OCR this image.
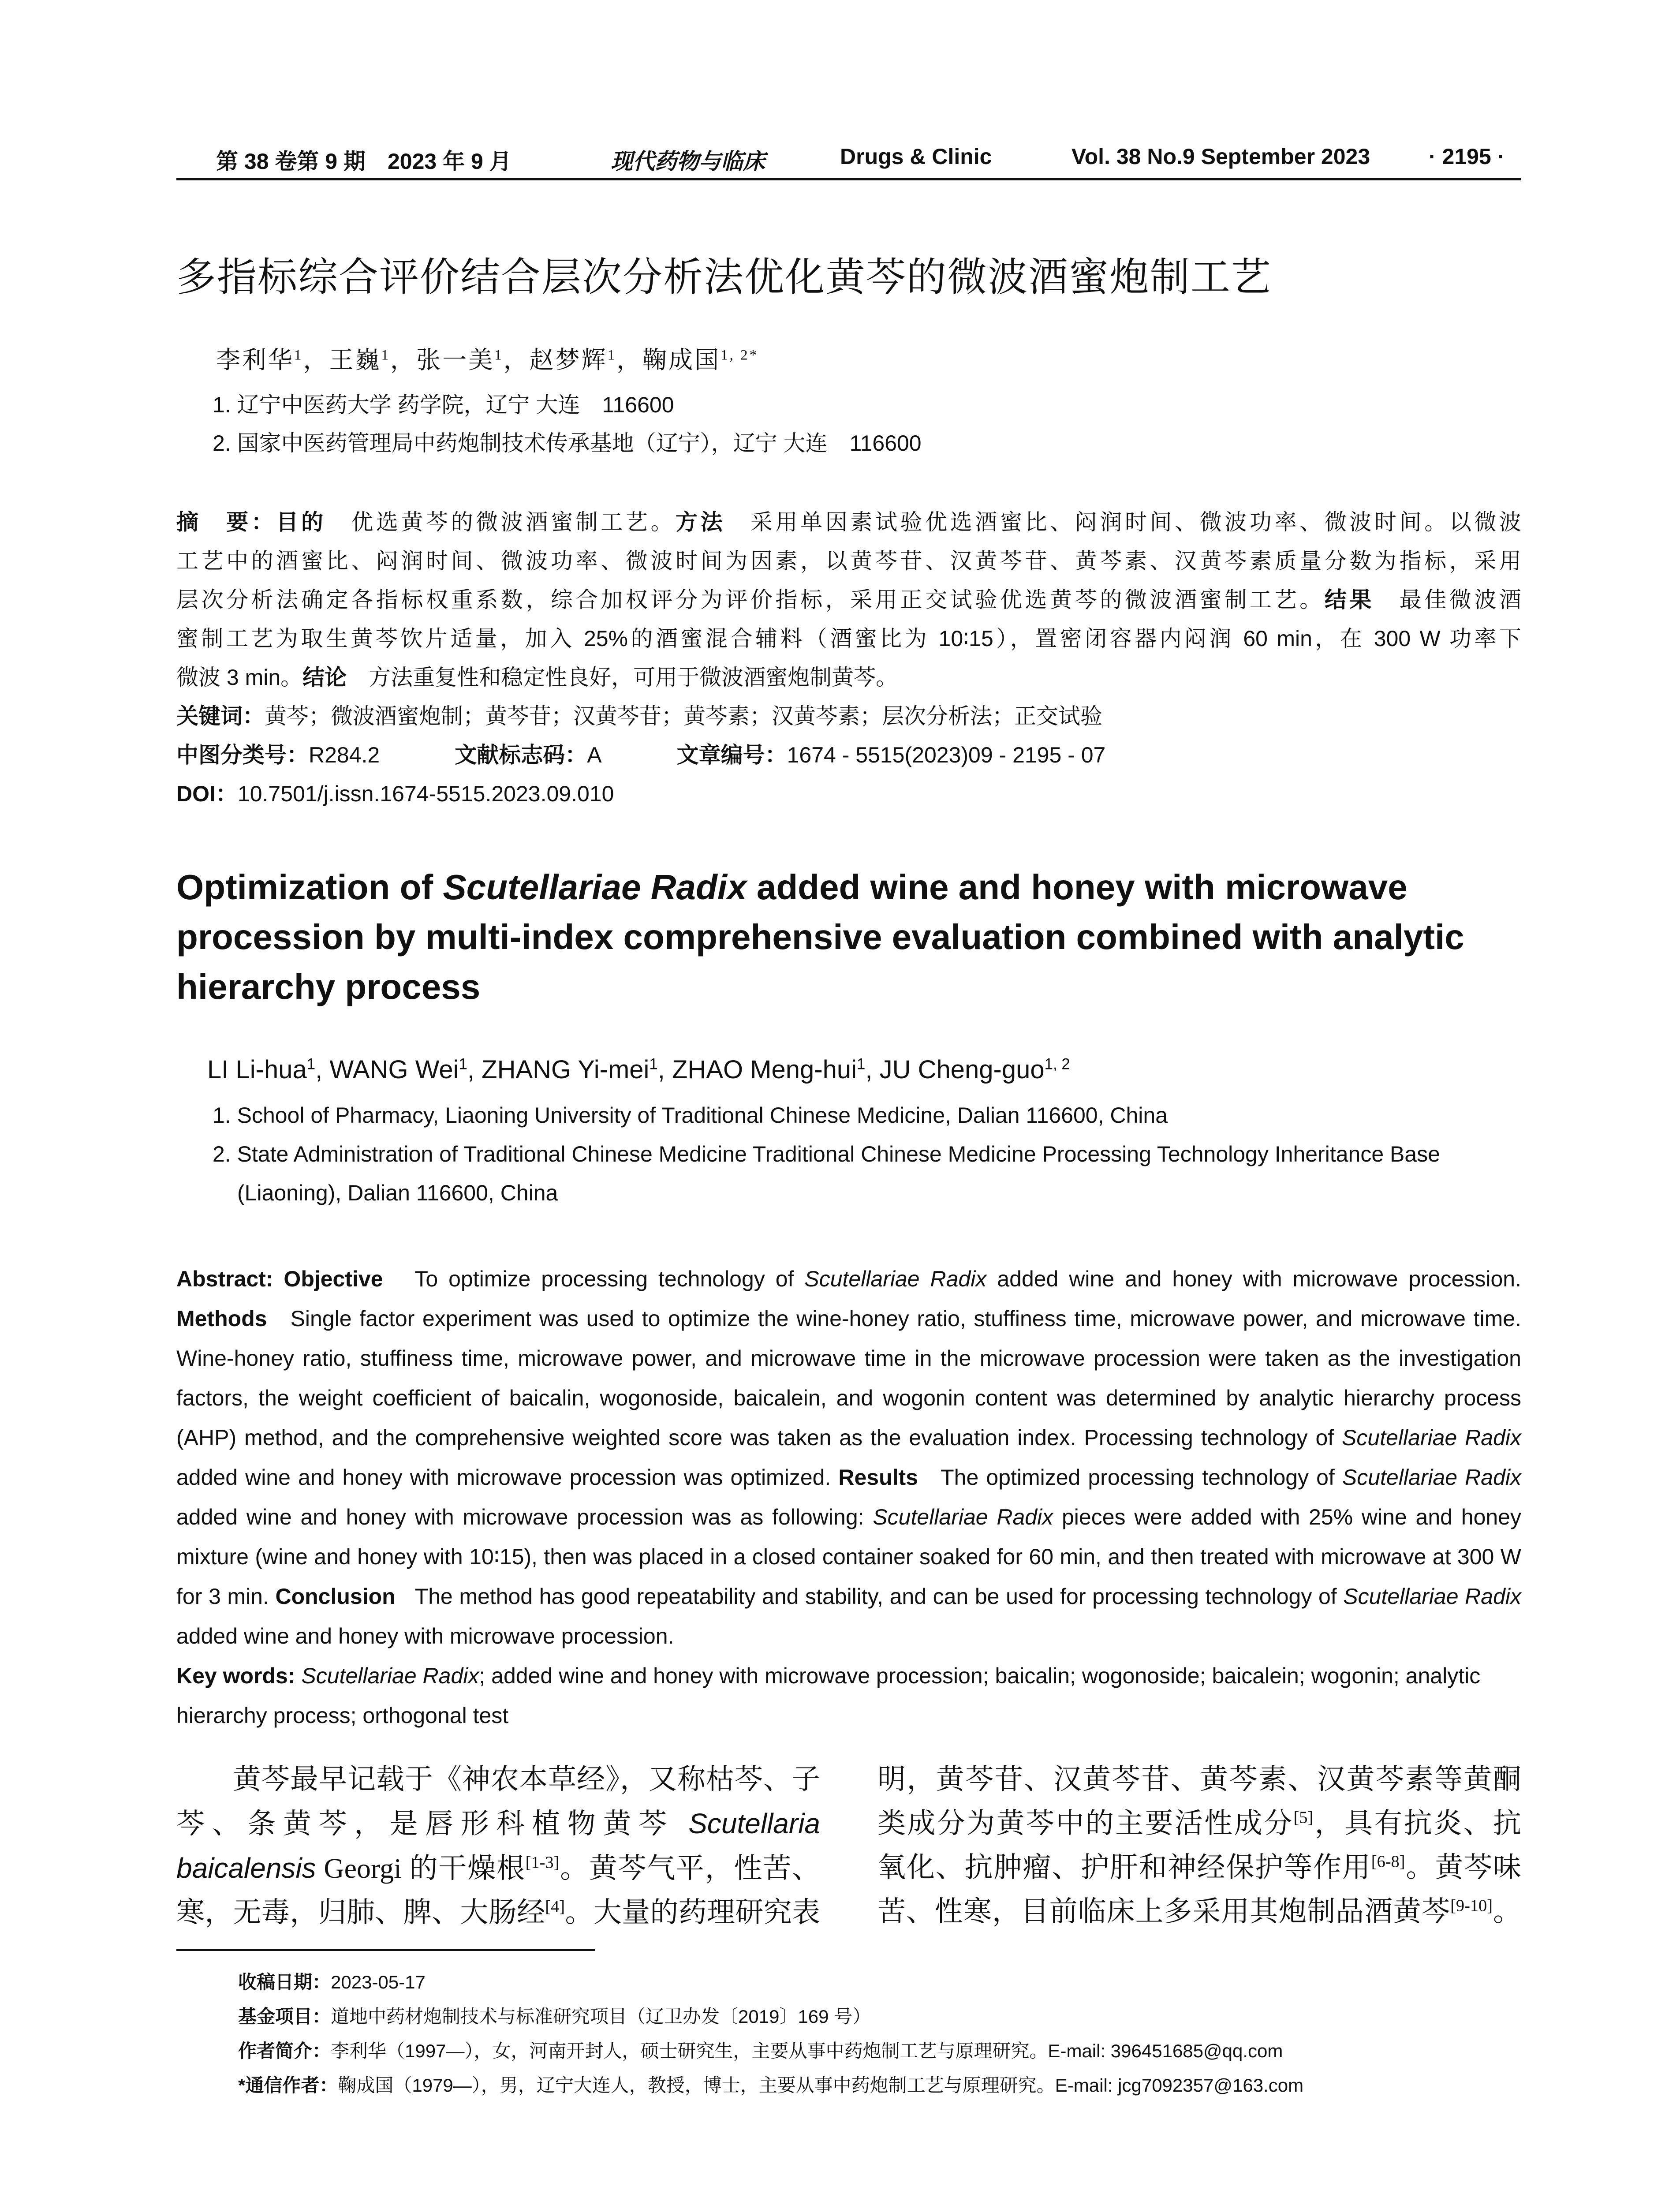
第 38 卷第 9 期　2023 年 9 月	现代药物与临床	Drugs & Clinic	Vol. 38 No.9 September 2023	· 2195 ·
多指标综合评价结合层次分析法优化黄芩的微波酒蜜炮制工艺
李利华$^1$，王巍$^1$，张一美$^1$，赵梦辉$^1$，鞠成国$^{1, 2*}$
1. 辽宁中医药大学 药学院，辽宁 大连　116600
2. 国家中医药管理局中药炮制技术传承基地（辽宁），辽宁 大连　116600
摘　要：目的　 优选黄芩的微波酒蜜制工艺。方法　 采用单因素试验优选酒蜜比、闷润时间、微波功率、微波时间。以微波
工艺中的酒蜜比、闷润时间、微波功率、微波时间为因素，以黄芩苷、汉黄芩苷、黄芩素、汉黄芩素质量分数为指标，采用
层次分析法确定各指标权重系数，综合加权评分为评价指标，采用正交试验优选黄芩的微波酒蜜制工艺。结果　 最佳微波酒
蜜制工艺为取生黄芩饮片适量，加入 25%的酒蜜混合辅料（酒蜜比为 10∶15），置密闭容器内闷润 60 min，在 300 W 功率下
微波 3 min。结论　 方法重复性和稳定性良好，可用于微波酒蜜炮制黄芩。
关键词：黄芩；微波酒蜜炮制；黄芩苷；汉黄芩苷；黄芩素；汉黄芩素；层次分析法；正交试验
中图分类号：R284.2	文献标志码：A	文章编号：1674 - 5515(2023)09 - 2195 - 07
DOI：10.7501/j.issn.1674-5515.2023.09.010
Optimization of Scutellariae Radix added wine and honey with microwave procession by multi-index comprehensive evaluation combined with analytic hierarchy process
LI Li-hua$^1$, WANG Wei$^1$, ZHANG Yi-mei$^1$, ZHAO Meng-hui$^1$, JU Cheng-guo$^{1, 2}$
1. School of Pharmacy, Liaoning University of Traditional Chinese Medicine, Dalian 116600, China
2. State Administration of Traditional Chinese Medicine Traditional Chinese Medicine Processing Technology Inheritance Base
(Liaoning), Dalian 116600, China
Abstract: Objective To optimize processing technology of Scutellariae Radix added wine and honey with microwave procession. Methods Single factor experiment was used to optimize the wine-honey ratio, stuffiness time, microwave power, and microwave time. Wine-honey ratio, stuffiness time, microwave power, and microwave time in the microwave procession were taken as the investigation factors, the weight coefficient of baicalin, wogonoside, baicalein, and wogonin content was determined by analytic hierarchy process (AHP) method, and the comprehensive weighted score was taken as the evaluation index. Processing technology of Scutellariae Radix added wine and honey with microwave procession was optimized. Results The optimized processing technology of Scutellariae Radix added wine and honey with microwave procession was as following: Scutellariae Radix pieces were added with 25% wine and honey mixture (wine and honey with 10∶15), then was placed in a closed container soaked for 60 min, and then treated with microwave at 300 W for 3 min. Conclusion The method has good repeatability and stability, and can be used for processing technology of Scutellariae Radix added wine and honey with microwave procession.
Key words: Scutellariae Radix; added wine and honey with microwave procession; baicalin; wogonoside; baicalein; wogonin; analytic hierarchy process; orthogonal test
黄芩最早记载于《神农本草经》，又称枯芩、子
芩、条黄芩，是唇形科植物黄芩 Scutellaria
baicalensis Georgi 的干燥根[1-3]。黄芩气平，性苦、
寒，无毒，归肺、脾、大肠经[4]。大量的药理研究表
明，黄芩苷、汉黄芩苷、黄芩素、汉黄芩素等黄酮
类成分为黄芩中的主要活性成分[5]，具有抗炎、抗
氧化、抗肿瘤、护肝和神经保护等作用[6-8]。黄芩味
苦、性寒，目前临床上多采用其炮制品酒黄芩[9-10]。
收稿日期：2023-05-17
基金项目：道地中药材炮制技术与标准研究项目（辽卫办发〔2019〕169 号）
作者简介：李利华（1997—），女，河南开封人，硕士研究生，主要从事中药炮制工艺与原理研究。E-mail: 396451685@qq.com
*通信作者：鞠成国（1979—），男，辽宁大连人，教授，博士，主要从事中药炮制工艺与原理研究。E-mail: jcg7092357@163.com
